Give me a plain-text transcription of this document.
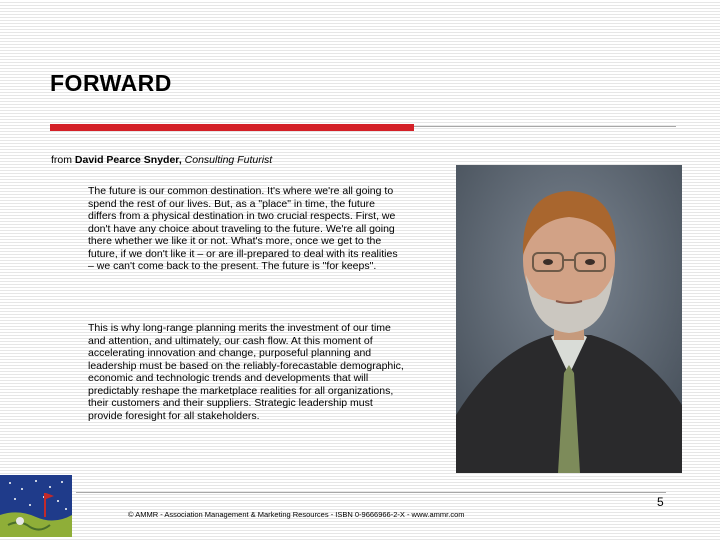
FORWARD
from David Pearce Snyder, Consulting Futurist

The future is our common destination. It's where we're all going to spend the rest of our lives. But, as a "place" in time, the future differs from a physical destination in two crucial respects. First, we don't have any choice about traveling to the future. We're all going there whether we like it or not. What's more, once we get to the future, if we don't like it – or are ill-prepared to deal with its realities – we can't come back to the present. The future is "for keeps".

This is why long-range planning merits the investment of our time and attention, and ultimately, our cash flow. At this moment of accelerating innovation and change, purposeful planning and leadership must be based on the reliably-forecastable demographic, economic and technologic trends and developments that will predictably reshape the marketplace realities for all organizations, their customers and their suppliers. Strategic leadership must provide foresight for all stakeholders.

5
© AMMR - Association Management & Marketing Resources - ISBN 0-9666966-2-X - www.ammr.com
